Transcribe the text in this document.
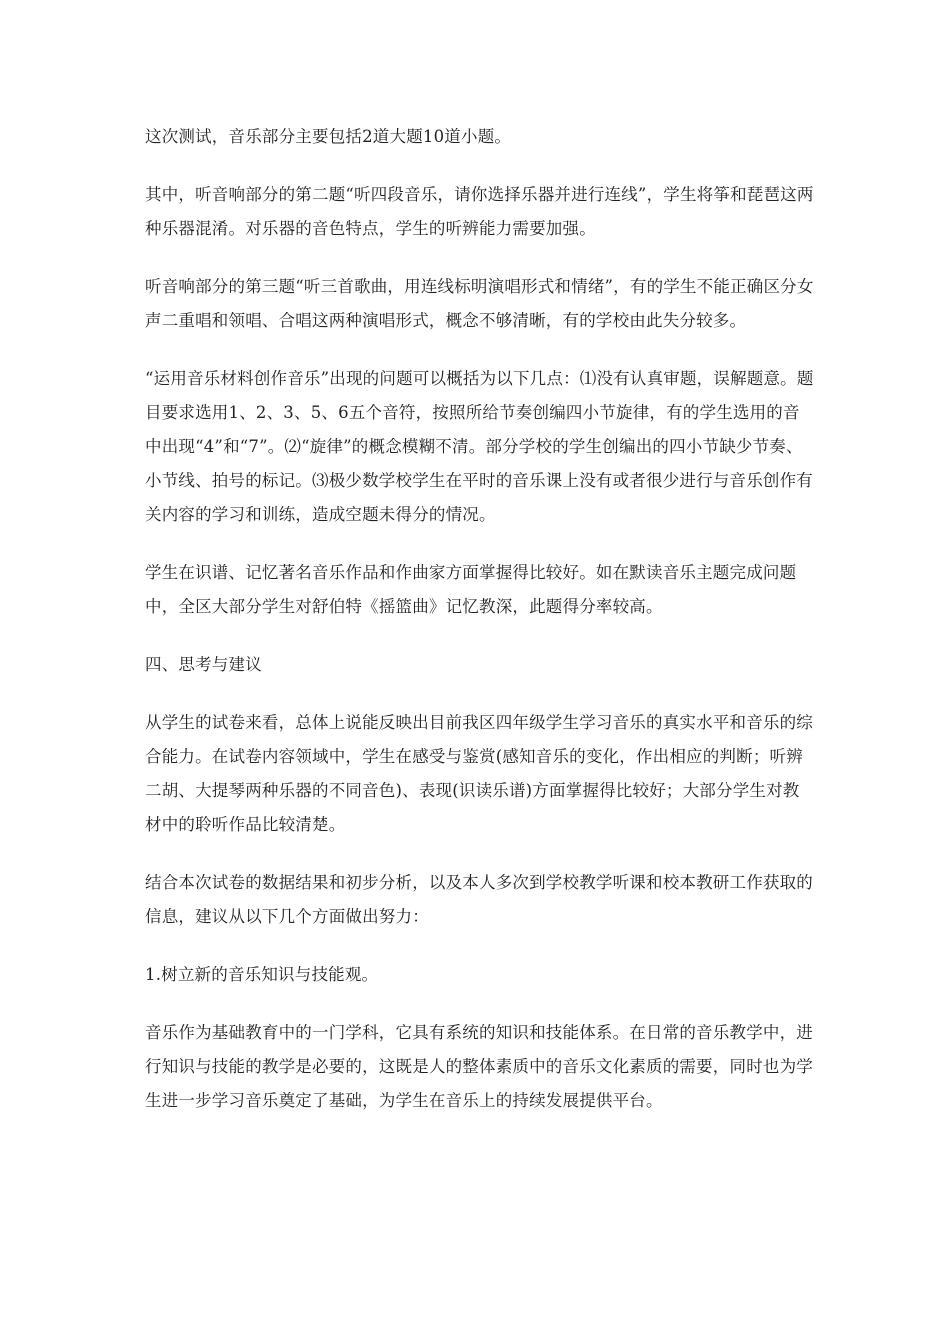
这次测试，音乐部分主要包括2道大题10道小题。

其中，听音响部分的第二题“听四段音乐，请你选择乐器并进行连线”，学生将筝和琵琶这两种乐器混淆。对乐器的音色特点，学生的听辨能力需要加强。

听音响部分的第三题“听三首歌曲，用连线标明演唱形式和情绪”，有的学生不能正确区分女声二重唱和领唱、合唱这两种演唱形式，概念不够清晰，有的学校由此失分较多。

“运用音乐材料创作音乐”出现的问题可以概括为以下几点：⑴没有认真审题，误解题意。题目要求选用1、2、3、5、6五个音符，按照所给节奏创编四小节旋律，有的学生选用的音中出现“4”和“7”。⑵“旋律”的概念模糊不清。部分学校的学生创编出的四小节缺少节奏、小节线、拍号的标记。⑶极少数学校学生在平时的音乐课上没有或者很少进行与音乐创作有关内容的学习和训练，造成空题未得分的情况。

学生在识谱、记忆著名音乐作品和作曲家方面掌握得比较好。如在默读音乐主题完成问题中，全区大部分学生对舒伯特《摇篮曲》记忆教深，此题得分率较高。

四、思考与建议

从学生的试卷来看，总体上说能反映出目前我区四年级学生学习音乐的真实水平和音乐的综合能力。在试卷内容领域中，学生在感受与鉴赏(感知音乐的变化，作出相应的判断；听辨二胡、大提琴两种乐器的不同音色)、表现(识读乐谱)方面掌握得比较好；大部分学生对教材中的聆听作品比较清楚。

结合本次试卷的数据结果和初步分析，以及本人多次到学校教学听课和校本教研工作获取的信息，建议从以下几个方面做出努力：

1.树立新的音乐知识与技能观。

音乐作为基础教育中的一门学科，它具有系统的知识和技能体系。在日常的音乐教学中，进行知识与技能的教学是必要的，这既是人的整体素质中的音乐文化素质的需要，同时也为学生进一步学习音乐奠定了基础，为学生在音乐上的持续发展提供平台。
